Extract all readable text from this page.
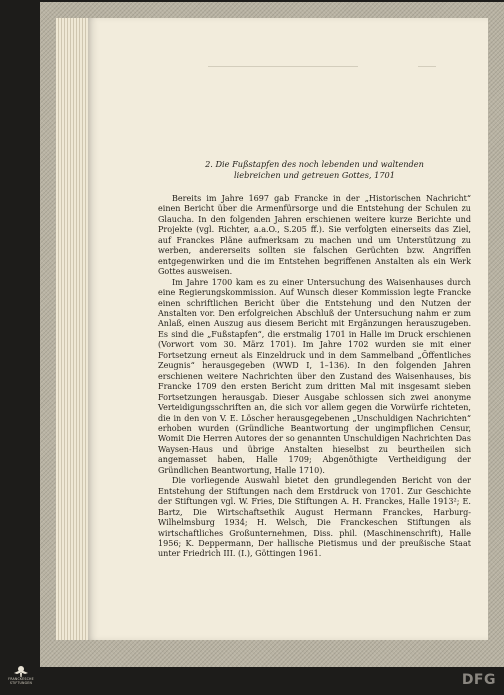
2. Die Fußstapfen des noch lebenden und waltenden
liebreichen und getreuen Gottes, 1701

Bereits im Jahre 1697 gab Francke in der „Historischen Nachricht“ einen Bericht über die Armenfürsorge und die Entstehung der Schulen zu Glaucha. In den folgenden Jahren erschienen weitere kurze Berichte und Projekte (vgl. Richter, a.a.O., S.205 ff.). Sie verfolgten einerseits das Ziel, auf Franckes Pläne aufmerksam zu machen und um Unterstützung zu werben, andererseits sollten sie falschen Gerüchten bzw. Angriffen entgegenwirken und die im Entstehen begriffenen Anstalten als ein Werk Gottes ausweisen.

Im Jahre 1700 kam es zu einer Untersuchung des Waisenhauses durch eine Regierungskommission. Auf Wunsch dieser Kommission legte Francke einen schriftlichen Bericht über die Entstehung und den Nutzen der Anstalten vor. Den erfolgreichen Abschluß der Untersuchung nahm er zum Anlaß, einen Auszug aus diesem Bericht mit Ergänzungen herauszugeben. Es sind die „Fußstapfen“, die erstmalig 1701 in Halle im Druck erschienen (Vorwort vom 30. März 1701). Im Jahre 1702 wurden sie mit einer Fortsetzung erneut als Einzeldruck und in dem Sammelband „Öffentliches Zeugnis“ herausgegeben (WWD I, 1–136). In den folgenden Jahren erschienen weitere Nachrichten über den Zustand des Waisenhauses, bis Francke 1709 den ersten Bericht zum dritten Mal mit insgesamt sieben Fortsetzungen herausgab. Dieser Ausgabe schlossen sich zwei anonyme Verteidigungsschriften an, die sich vor allem gegen die Vorwürfe richteten, die in den von V. E. Löscher herausgegebenen „Unschuldigen Nachrichten“ erhoben wurden (Gründliche Beantwortung der ungimpflichen Censur, Womit Die Herren Autores der so genannten Unschuldigen Nachrichten Das Waysen-Haus und übrige Anstalten hieselbst zu beurtheilen sich angemasset haben, Halle 1709; Abgenöthigte Vertheidigung der Gründlichen Beantwortung, Halle 1710).

Die vorliegende Auswahl bietet den grundlegenden Bericht von der Entstehung der Stiftungen nach dem Erstdruck von 1701. Zur Geschichte der Stiftungen vgl. W. Fries, Die Stiftungen A. H. Franckes, Halle 1913²; E. Bartz, Die Wirtschaftsethik August Hermann Franckes, Harburg-Wilhelmsburg 1934; H. Welsch, Die Franckeschen Stiftungen als wirtschaftliches Großunternehmen, Diss. phil. (Maschinenschrift), Halle 1956; K. Deppermann, Der hallische Pietismus und der preußische Staat unter Friedrich III. (I.), Göttingen 1961.

FRANCKESCHE
STIFTUNGEN	DFG
